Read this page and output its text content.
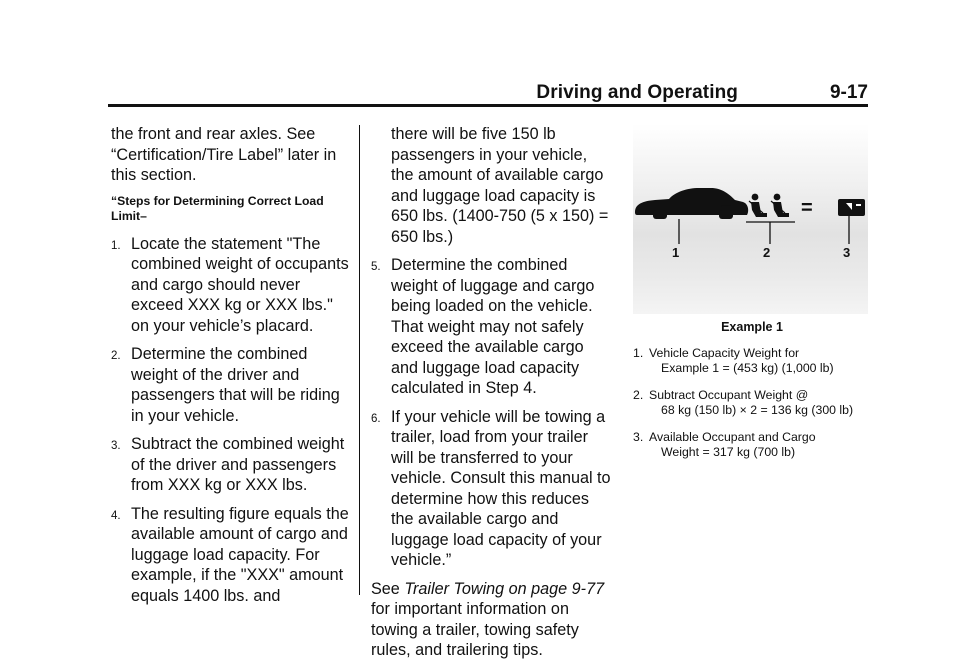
Driving and Operating	9-17

the front and rear axles. See “Certification/Tire Label” later in this section.

“Steps for Determining Correct Load Limit–

1. Locate the statement "The combined weight of occupants and cargo should never exceed XXX kg or XXX lbs." on your vehicle’s placard.
2. Determine the combined weight of the driver and passengers that will be riding in your vehicle.
3. Subtract the combined weight of the driver and passengers from XXX kg or XXX lbs.
4. The resulting figure equals the available amount of cargo and luggage load capacity. For example, if the "XXX" amount equals 1400 lbs. and

there will be five 150 lb passengers in your vehicle, the amount of available cargo and luggage load capacity is 650 lbs. (1400-750 (5 x 150) = 650 lbs.)

5. Determine the combined weight of luggage and cargo being loaded on the vehicle. That weight may not safely exceed the available cargo and luggage load capacity calculated in Step 4.
6. If your vehicle will be towing a trailer, load from your trailer will be transferred to your vehicle. Consult this manual to determine how this reduces the available cargo and luggage load capacity of your vehicle.”

See Trailer Towing on page 9-77 for important information on towing a trailer, towing safety rules, and trailering tips.

1
–
2
=
3
Example 1
1. Vehicle Capacity Weight for
Example 1 = (453 kg) (1,000 lb)
2. Subtract Occupant Weight @
68 kg (150 lb) × 2 = 136 kg (300 lb)
3. Available Occupant and Cargo
Weight = 317 kg (700 lb)
